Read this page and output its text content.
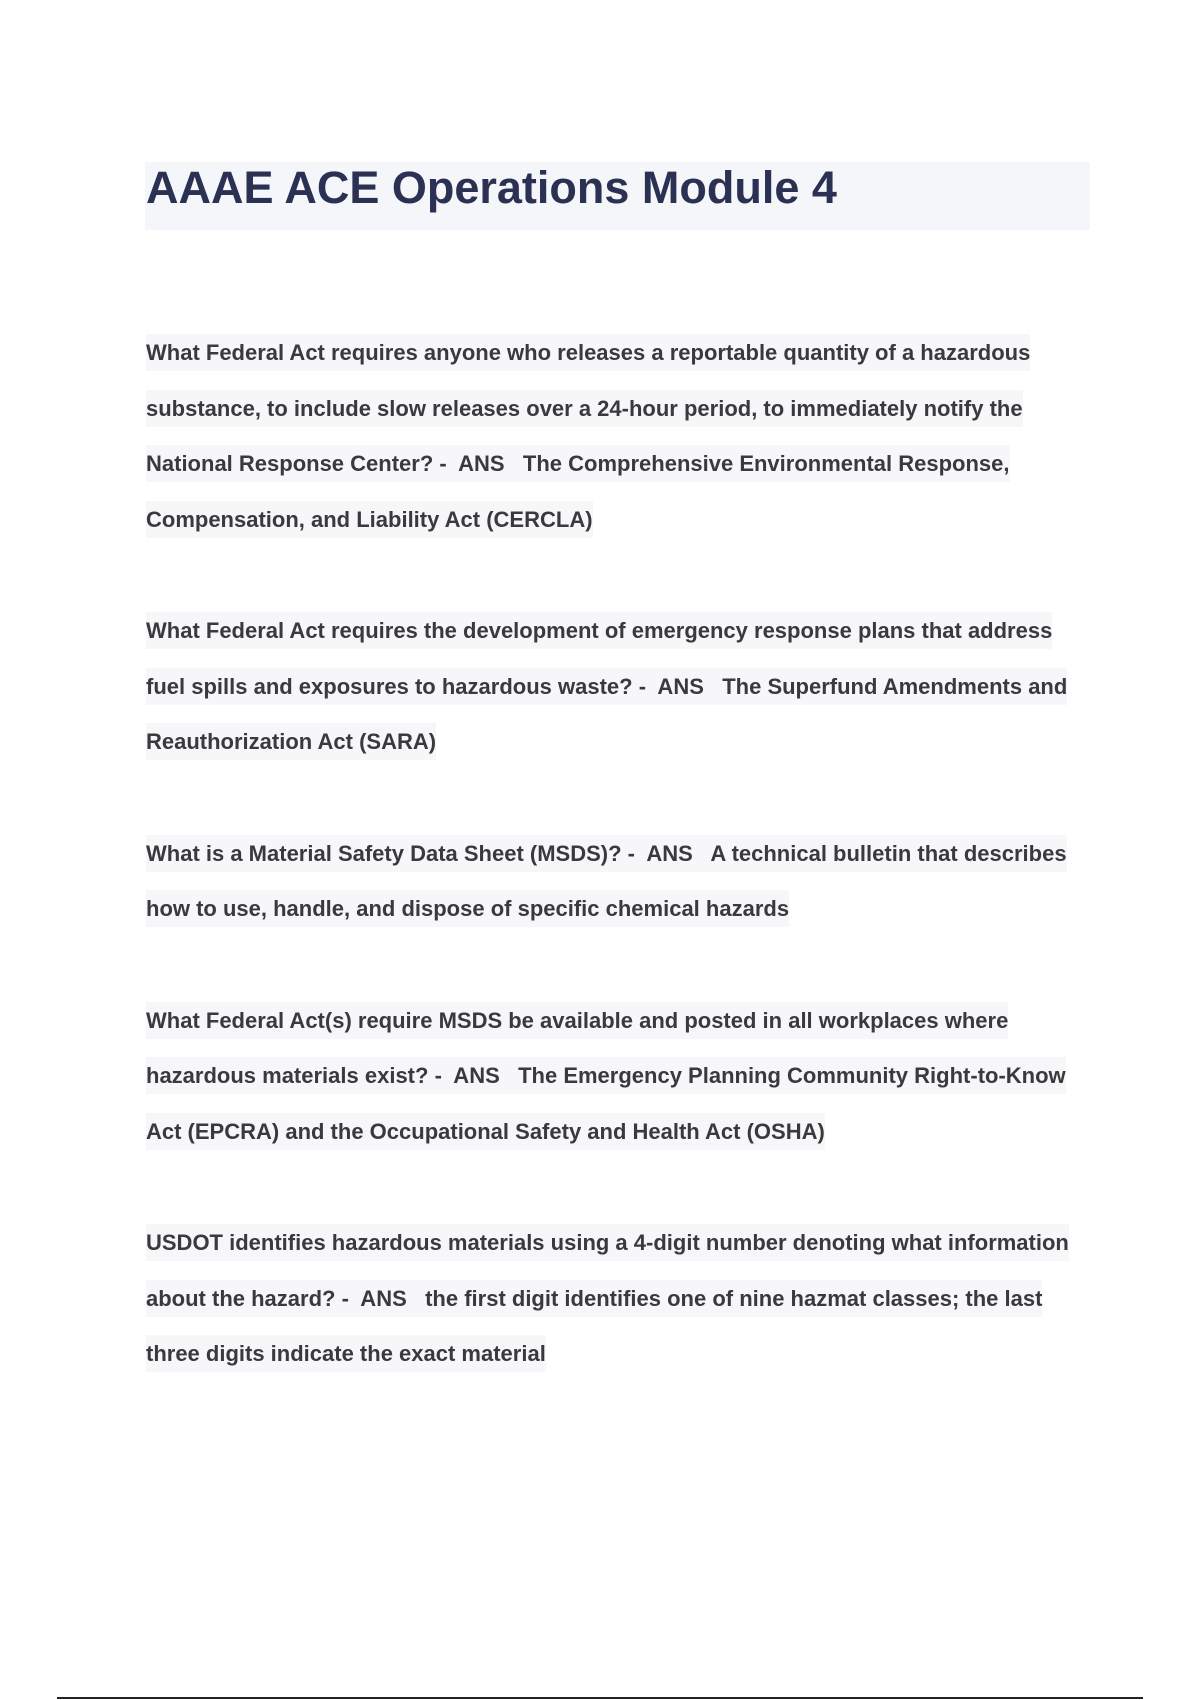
AAAE ACE Operations Module 4
What Federal Act requires anyone who releases a reportable quantity of a hazardous substance, to include slow releases over a 24-hour period, to immediately notify the National Response Center? -  ANS   The Comprehensive Environmental Response, Compensation, and Liability Act (CERCLA)
What Federal Act requires the development of emergency response plans that address fuel spills and exposures to hazardous waste? -  ANS   The Superfund Amendments and Reauthorization Act (SARA)
What is a Material Safety Data Sheet (MSDS)? -  ANS   A technical bulletin that describes how to use, handle, and dispose of specific chemical hazards
What Federal Act(s) require MSDS be available and posted in all workplaces where hazardous materials exist? -  ANS   The Emergency Planning Community Right-to-Know Act (EPCRA) and the Occupational Safety and Health Act (OSHA)
USDOT identifies hazardous materials using a 4-digit number denoting what information about the hazard? -  ANS   the first digit identifies one of nine hazmat classes; the last three digits indicate the exact material
